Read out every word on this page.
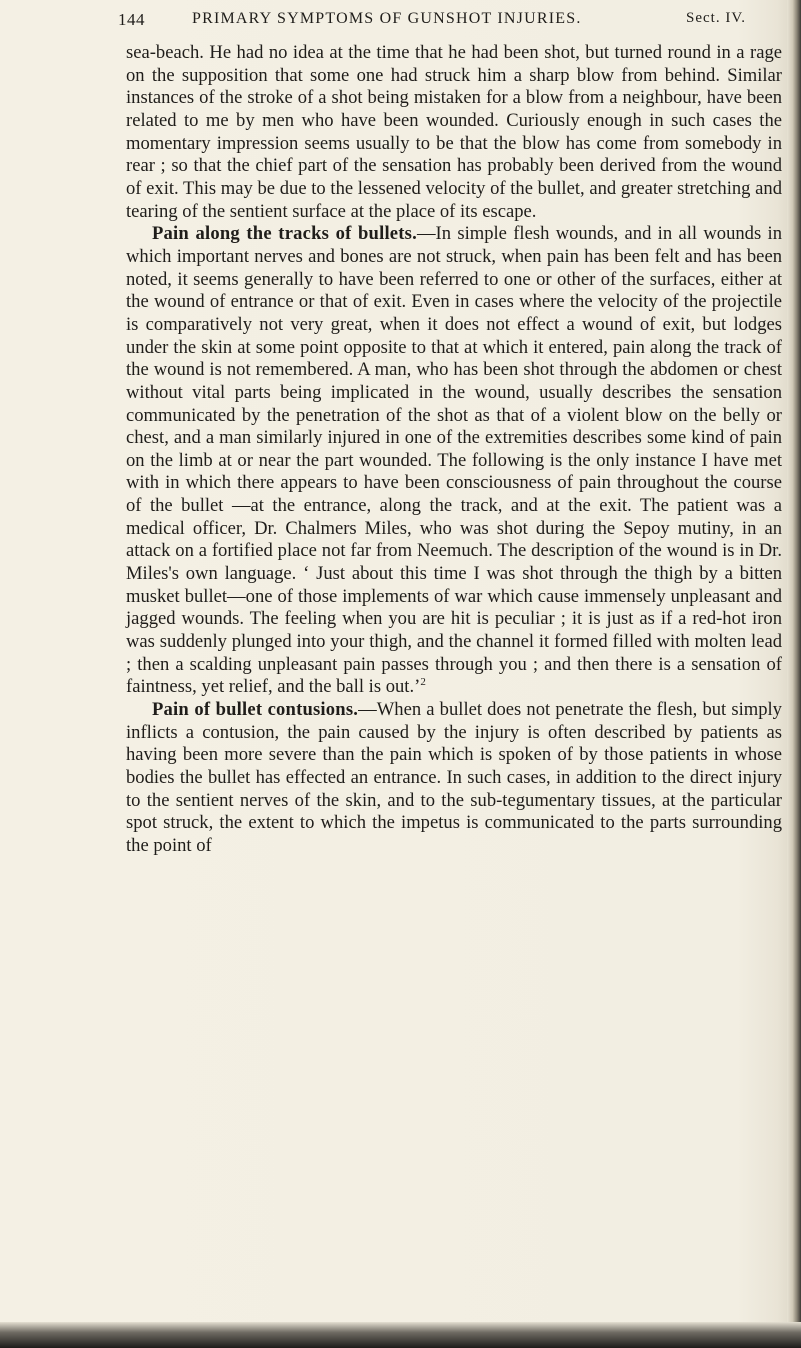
144	PRIMARY SYMPTOMS OF GUNSHOT INJURIES.	Sect. IV.

sea-beach. He had no idea at the time that he had been shot, but turned round in a rage on the supposition that some one had struck him a sharp blow from behind. Similar instances of the stroke of a shot being mistaken for a blow from a neighbour, have been related to me by men who have been wounded. Curiously enough in such cases the momentary impression seems usually to be that the blow has come from somebody in rear ; so that the chief part of the sensation has probably been derived from the wound of exit. This may be due to the lessened velocity of the bullet, and greater stretching and tearing of the sentient surface at the place of its escape.

Pain along the tracks of bullets.—In simple flesh wounds, and in all wounds in which important nerves and bones are not struck, when pain has been felt and has been noted, it seems generally to have been referred to one or other of the surfaces, either at the wound of entrance or that of exit. Even in cases where the velocity of the projectile is comparatively not very great, when it does not effect a wound of exit, but lodges under the skin at some point opposite to that at which it entered, pain along the track of the wound is not remembered. A man, who has been shot through the abdomen or chest without vital parts being implicated in the wound, usually describes the sensation communicated by the penetration of the shot as that of a violent blow on the belly or chest, and a man similarly injured in one of the extremities describes some kind of pain on the limb at or near the part wounded. The following is the only instance I have met with in which there appears to have been consciousness of pain throughout the course of the bullet —at the entrance, along the track, and at the exit. The patient was a medical officer, Dr. Chalmers Miles, who was shot during the Sepoy mutiny, in an attack on a fortified place not far from Neemuch. The description of the wound is in Dr. Miles's own language. ‘ Just about this time I was shot through the thigh by a bitten musket bullet—one of those implements of war which cause immensely unpleasant and jagged wounds. The feeling when you are hit is peculiar ; it is just as if a red-hot iron was suddenly plunged into your thigh, and the channel it formed filled with molten lead ; then a scalding unpleasant pain passes through you ; and then there is a sensation of faintness, yet relief, and the ball is out.’$^2$

Pain of bullet contusions.—When a bullet does not penetrate the flesh, but simply inflicts a contusion, the pain caused by the injury is often described by patients as having been more severe than the pain which is spoken of by those patients in whose bodies the bullet has effected an entrance. In such cases, in addition to the direct injury to the sentient nerves of the skin, and to the sub-tegumentary tissues, at the particular spot struck, the extent to which the impetus is communicated to the parts surrounding the point of
